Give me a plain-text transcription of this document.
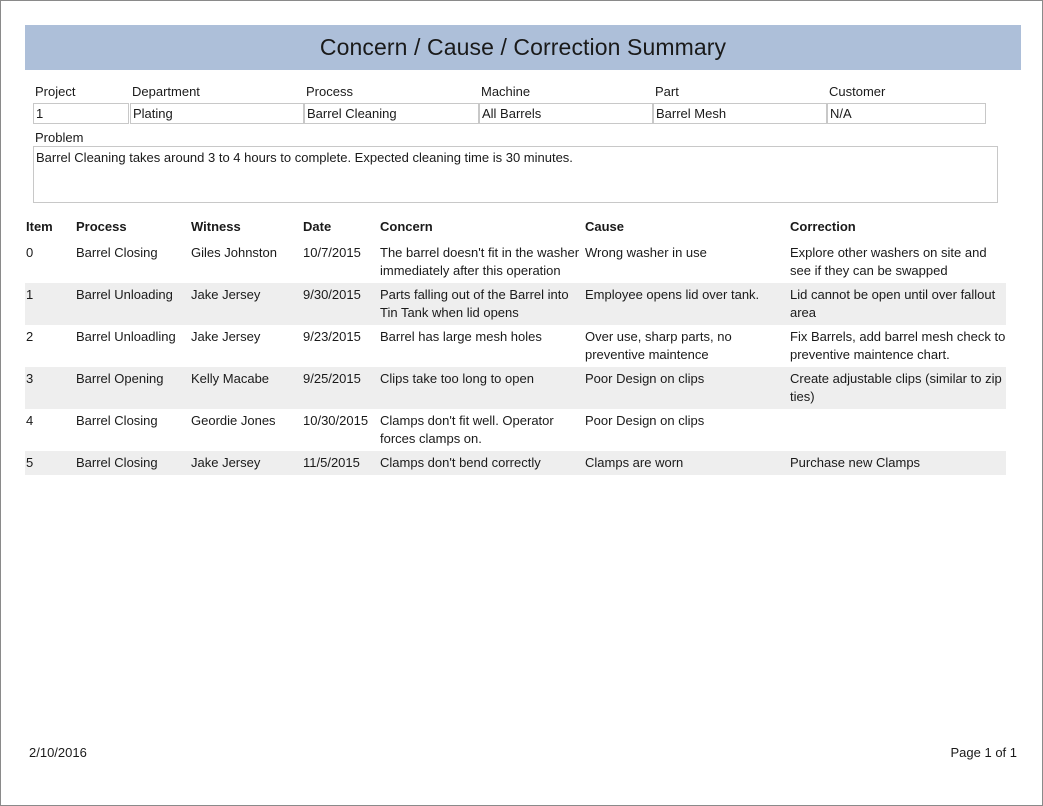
Concern / Cause / Correction Summary
Project	Department	Process	Machine	Part	Customer
1	Plating	Barrel Cleaning	All Barrels	Barrel Mesh	N/A
Problem
Barrel Cleaning takes around 3 to 4 hours to complete. Expected cleaning time is 30 minutes.
Item	Process	Witness	Date	Concern	Cause	Correction
0	Barrel Closing	Giles Johnston	10/7/2015	The barrel doesn't fit in the washer immediately after this operation	Wrong washer in use	Explore other washers on site and see if they can be swapped
1	Barrel Unloading	Jake Jersey	9/30/2015	Parts falling out of the Barrel into Tin Tank when lid opens	Employee opens lid over tank.	Lid cannot be open until over fallout area
2	Barrel Unloadling	Jake Jersey	9/23/2015	Barrel has large mesh holes	Over use, sharp parts, no preventive maintence	Fix Barrels, add barrel mesh check to preventive maintence chart.
3	Barrel Opening	Kelly Macabe	9/25/2015	Clips take too long to open	Poor Design on clips	Create adjustable clips (similar to zip ties)
4	Barrel Closing	Geordie Jones	10/30/2015	Clamps don't fit well. Operator forces clamps on.	Poor Design on clips	
5	Barrel Closing	Jake Jersey	11/5/2015	Clamps don't bend correctly	Clamps are worn	Purchase new Clamps
2/10/2016	Page 1 of 1
